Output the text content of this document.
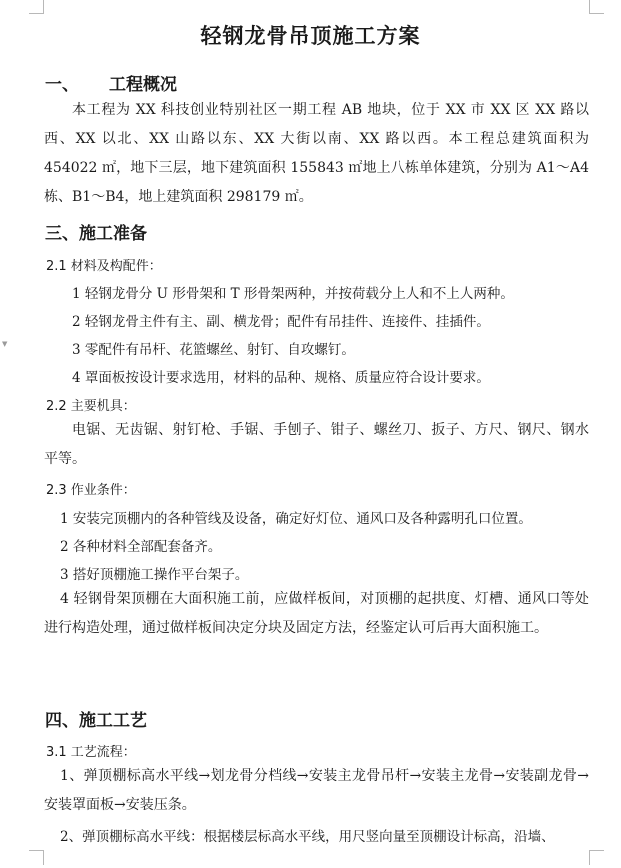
▼
轻钢龙骨吊顶施工方案
一、 工程概况

本工程为 XX 科技创业特别社区一期工程 AB 地块，位于 XX 市 XX 区 XX 路以西、XX 以北、XX 山路以东、XX 大街以南、XX 路以西。本工程总建筑面积为 454022 ㎡，地下三层，地下建筑面积 155843 ㎡地上八栋单体建筑，分别为 A1～A4 栋、B1～B4，地上建筑面积 298179 ㎡。

三、施工准备
2.1 材料及构配件：
1 轻钢龙骨分 U 形骨架和 T 形骨架两种，并按荷载分上人和不上人两种。
2 轻钢龙骨主件有主、副、横龙骨；配件有吊挂件、连接件、挂插件。
3 零配件有吊杆、花篮螺丝、射钉、自攻螺钉。
4 罩面板按设计要求选用，材料的品种、规格、质量应符合设计要求。
2.2 主要机具：

电锯、无齿锯、射钉枪、手锯、手刨子、钳子、螺丝刀、扳子、方尺、钢尺、钢水平等。

2.3 作业条件：
1 安装完顶棚内的各种管线及设备，确定好灯位、通风口及各种露明孔口位置。
2 各种材料全部配套备齐。
3 搭好顶棚施工操作平台架子。

4 轻钢骨架顶棚在大面积施工前，应做样板间，对顶棚的起拱度、灯槽、通风口等处进行构造处理，通过做样板间决定分块及固定方法，经鉴定认可后再大面积施工。

四、施工工艺
3.1 工艺流程：

1、弹顶棚标高水平线→划龙骨分档线→安装主龙骨吊杆→安装主龙骨→安装副龙骨→安装罩面板→安装压条。

2、弹顶棚标高水平线：根据楼层标高水平线，用尺竖向量至顶棚设计标高，沿墙、
